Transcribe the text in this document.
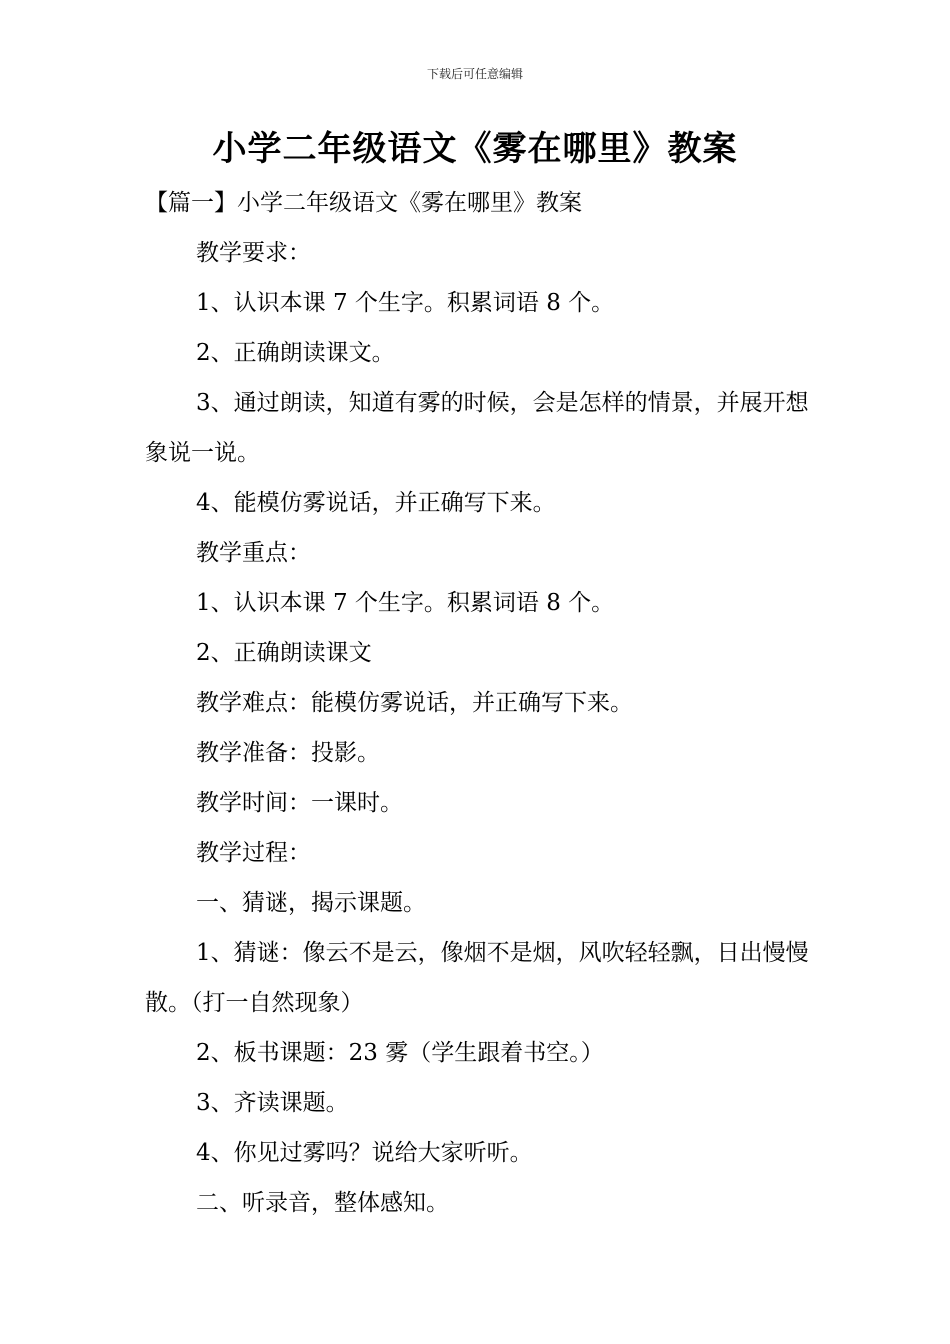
下载后可任意编辑
小学二年级语文《雾在哪里》教案

【篇一】小学二年级语文《雾在哪里》教案

教学要求：

1、认识本课 7 个生字。积累词语 8 个。

2、正确朗读课文。

3、通过朗读，知道有雾的时候，会是怎样的情景，并展开想象说一说。

4、能模仿雾说话，并正确写下来。

教学重点：

1、认识本课 7 个生字。积累词语 8 个。

2、正确朗读课文

教学难点：能模仿雾说话，并正确写下来。

教学准备：投影。

教学时间：一课时。

教学过程：

一、猜谜，揭示课题。

1、猜谜：像云不是云，像烟不是烟，风吹轻轻飘，日出慢慢散。（打一自然现象）

2、板书课题：23 雾（学生跟着书空。）

3、齐读课题。

4、你见过雾吗？说给大家听听。

二、听录音，整体感知。
